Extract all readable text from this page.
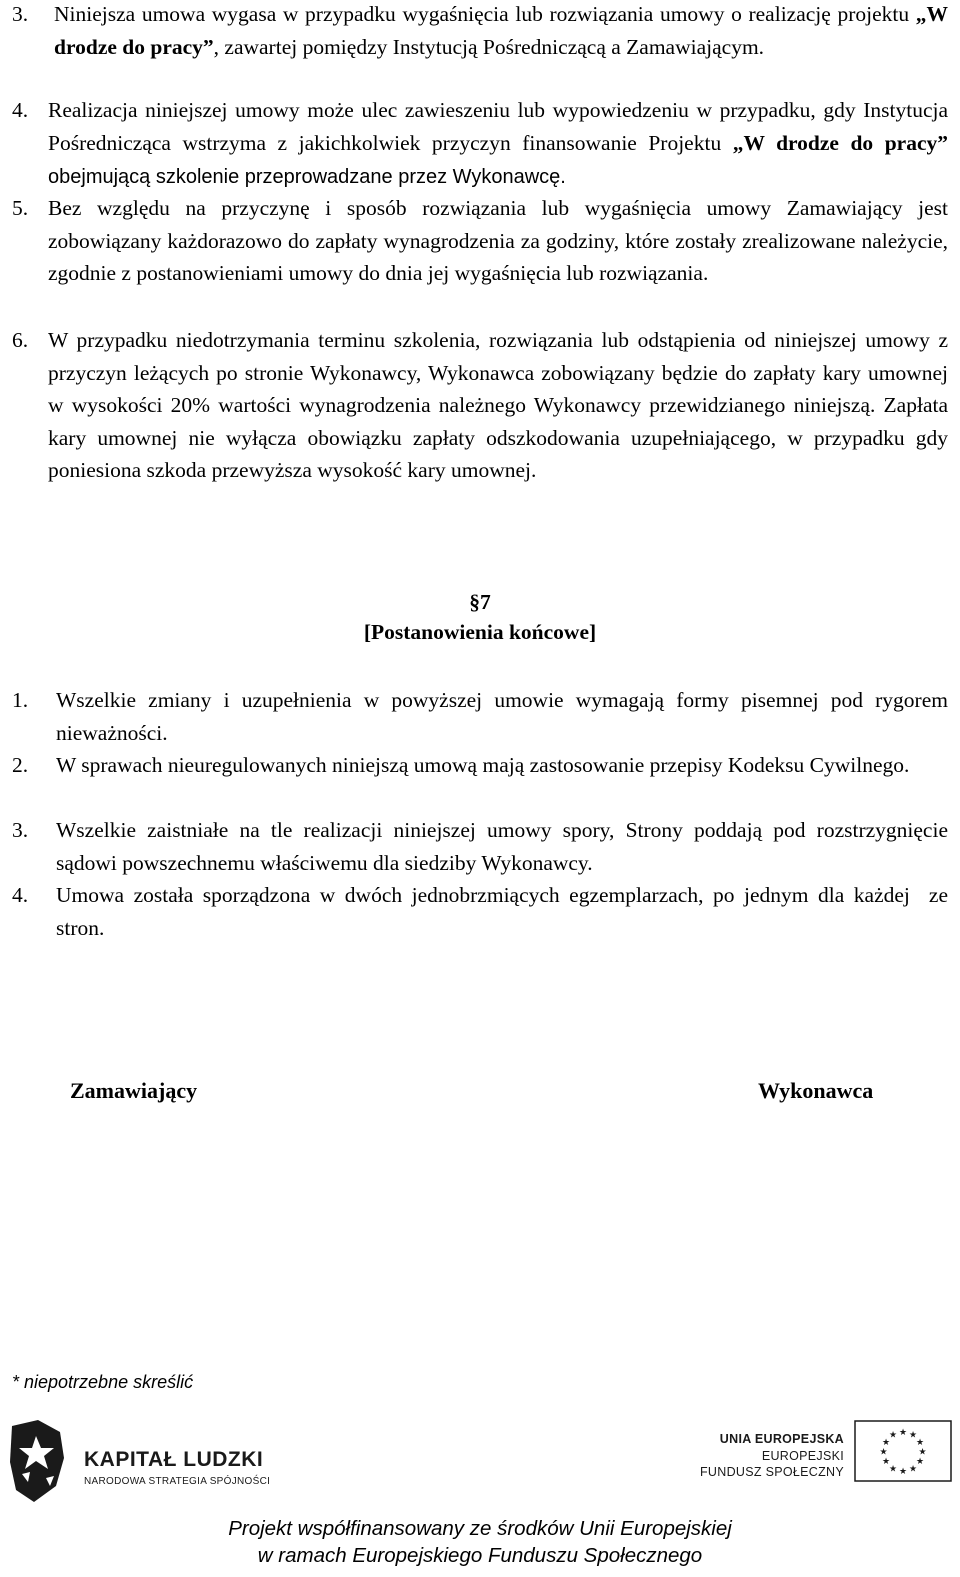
3. Niniejsza umowa wygasa w przypadku wygaśnięcia lub rozwiązania umowy o realizację projektu „W drodze do pracy”, zawartej pomiędzy Instytucją Pośredniczącą a Zamawiającym.
4. Realizacja niniejszej umowy może ulec zawieszeniu lub wypowiedzeniu w przypadku, gdy Instytucja Pośrednicząca wstrzyma z jakichkolwiek przyczyn finansowanie Projektu „W drodze do pracy” obejmującą szkolenie przeprowadzane przez Wykonawcę.
5. Bez względu na przyczynę i sposób rozwiązania lub wygaśnięcia umowy Zamawiający jest zobowiązany każdorazowo do zapłaty wynagrodzenia za godziny, które zostały zrealizowane należycie, zgodnie z postanowieniami umowy do dnia jej wygaśnięcia lub rozwiązania.
6. W przypadku niedotrzymania terminu szkolenia, rozwiązania lub odstąpienia od niniejszej umowy z przyczyn leżących po stronie Wykonawcy, Wykonawca zobowiązany będzie do zapłaty kary umownej w wysokości 20% wartości wynagrodzenia należnego Wykonawcy przewidzianego niniejszą. Zapłata kary umownej nie wyłącza obowiązku zapłaty odszkodowania uzupełniającego, w przypadku gdy poniesiona szkoda przewyższa wysokość kary umownej.
§7
[Postanowienia końcowe]
1. Wszelkie zmiany i uzupełnienia w powyższej umowie wymagają formy pisemnej pod rygorem nieważności.
2. W sprawach nieuregulowanych niniejszą umową mają zastosowanie przepisy Kodeksu Cywilnego.
3. Wszelkie zaistniałe na tle realizacji niniejszej umowy spory, Strony poddają pod rozstrzygnięcie sądowi powszechnemu właściwemu dla siedziby Wykonawcy.
4. Umowa została sporządzona w dwóch jednobrzmiących egzemplarzach, po jednym dla każdej  ze stron.
Zamawiający	Wykonawca
* niepotrzebne skreślić
KAPITAŁ LUDZKI
NARODOWA STRATEGIA SPÓJNOŚCI
UNIA EUROPEJSKA
EUROPEJSKI
FUNDUSZ SPOŁECZNY
★ ★
★
★
★
★
★
★
★
★
★
★
Projekt współfinansowany ze środków Unii Europejskiej
w ramach Europejskiego Funduszu Społecznego
